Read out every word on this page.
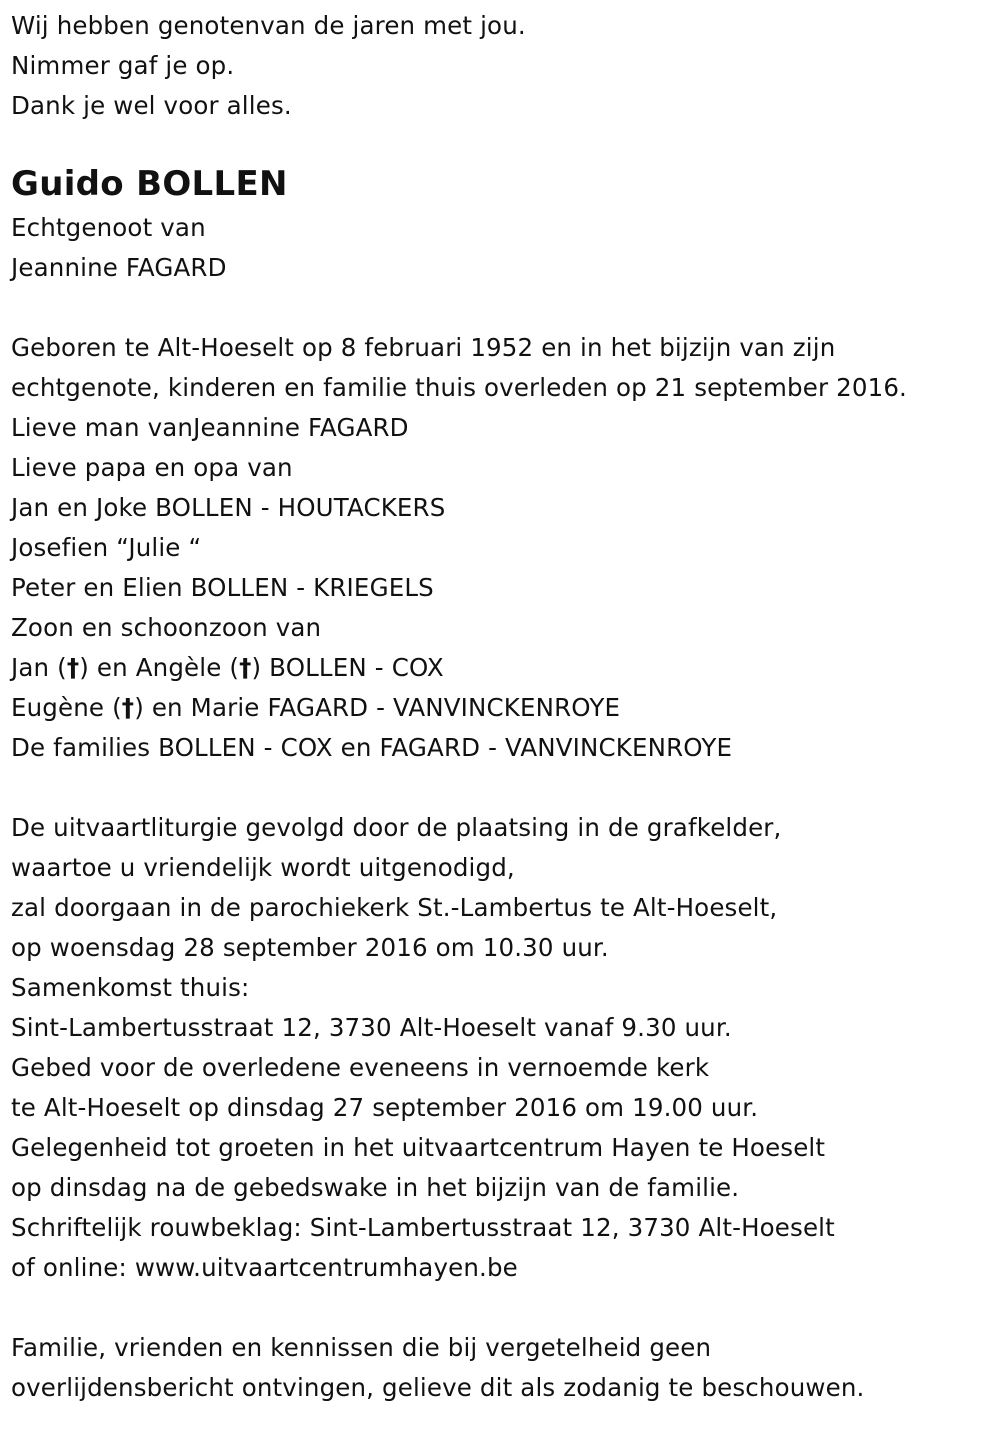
Wij hebben genotenvan de jaren met jou.
Nimmer gaf je op.
Dank je wel voor alles.
Guido BOLLEN
Echtgenoot van
Jeannine FAGARD
Geboren te Alt-Hoeselt op 8 februari 1952 en in het bijzijn van zijn
echtgenote, kinderen en familie thuis overleden op 21 september 2016.
Lieve man vanJeannine FAGARD
Lieve papa en opa van
Jan en Joke BOLLEN - HOUTACKERS
Josefien “Julie “
Peter en Elien BOLLEN - KRIEGELS
Zoon en schoonzoon van
Jan (†) en Angèle (†) BOLLEN - COX
Eugène (†) en Marie FAGARD - VANVINCKENROYE
De families BOLLEN - COX en FAGARD - VANVINCKENROYE
De uitvaartliturgie gevolgd door de plaatsing in de grafkelder,
waartoe u vriendelijk wordt uitgenodigd,
zal doorgaan in de parochiekerk St.-Lambertus te Alt-Hoeselt,
op woensdag 28 september 2016 om 10.30 uur.
Samenkomst thuis:
Sint-Lambertusstraat 12, 3730 Alt-Hoeselt vanaf 9.30 uur.
Gebed voor de overledene eveneens in vernoemde kerk
te Alt-Hoeselt op dinsdag 27 september 2016 om 19.00 uur.
Gelegenheid tot groeten in het uitvaartcentrum Hayen te Hoeselt
op dinsdag na de gebedswake in het bijzijn van de familie.
Schriftelijk rouwbeklag: Sint-Lambertusstraat 12, 3730 Alt-Hoeselt
of online: www.uitvaartcentrumhayen.be
Familie, vrienden en kennissen die bij vergetelheid geen
overlijdensbericht ontvingen, gelieve dit als zodanig te beschouwen.
